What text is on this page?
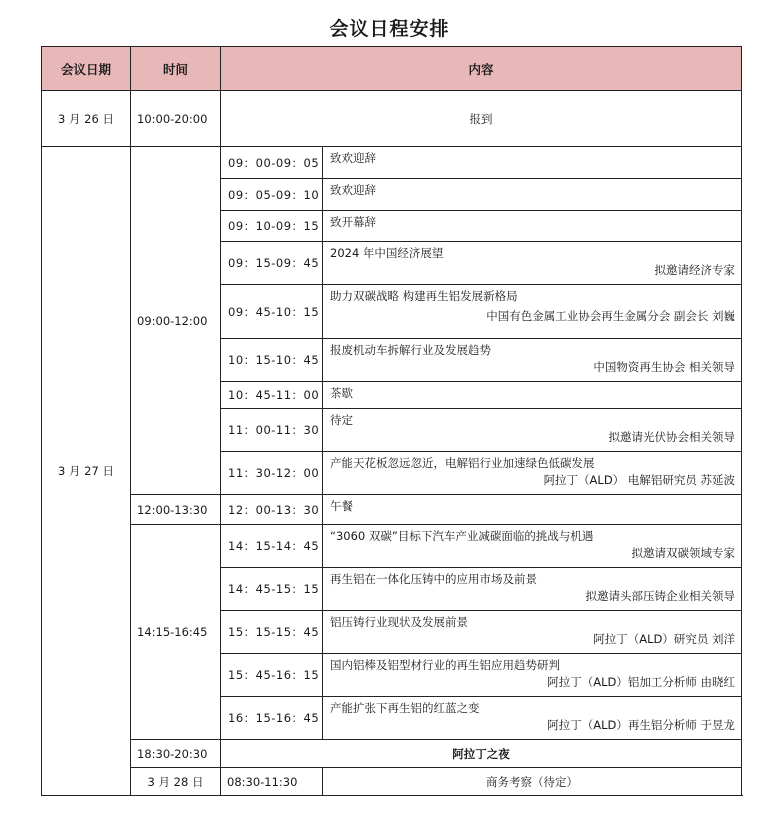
会议日程安排
会议日期	时间	内容	
3 月 26 日	10:00-20:00	报到	
3 月 27 日	09:00-12:00	09：00-09：05	致欢迎辞

		09：05-09：10	致欢迎辞

		09：10-09：15	致开幕辞

		09：15-09：45	2024 年中国经济展望
拟邀请经济专家

		09：45-10：15	助力双碳战略 构建再生铝发展新格局
中国有色金属工业协会再生金属分会 副会长 刘巍

		10：15-10：45	报废机动车拆解行业及发展趋势
中国物资再生协会 相关领导

		10：45-11：00	茶歇

		11：00-11：30	待定
拟邀请光伏协会相关领导

		11：30-12：00	产能天花板忽远忽近，电解铝行业加速绿色低碳发展
阿拉丁（ALD） 电解铝研究员 苏延波

	12:00-13:30	12：00-13：30	午餐

	14:15-16:45	14：15-14：45	“3060 双碳”目标下汽车产业减碳面临的挑战与机遇
拟邀请双碳领域专家

		14：45-15：15	再生铝在一体化压铸中的应用市场及前景
拟邀请头部压铸企业相关领导

		15：15-15：45	铝压铸行业现状及发展前景
阿拉丁（ALD）研究员 刘洋

		15：45-16：15	国内铝棒及铝型材行业的再生铝应用趋势研判
阿拉丁（ALD）铝加工分析师 由晓红

		16：15-16：45	产能扩张下再生铝的红蓝之变
阿拉丁（ALD）再生铝分析师 于昱龙

	18:30-20:30	阿拉丁之夜	
	3 月 28 日	08:30-11:30	商务考察（待定）
